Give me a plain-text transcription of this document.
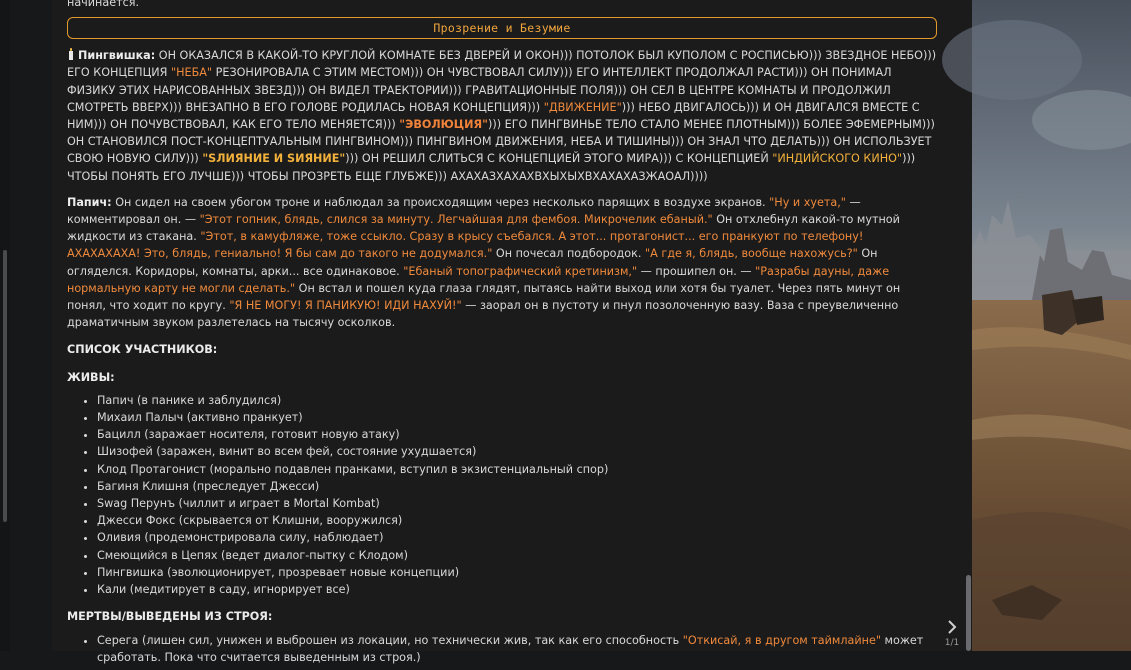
начинается.
Прозрение и Безумие

Пингвишка: ОН ОКАЗАЛСЯ В КАКОЙ-ТО КРУГЛОЙ КОМНАТЕ БЕЗ ДВЕРЕЙ И ОКОН))) ПОТОЛОК БЫЛ КУПОЛОМ С РОСПИСЬЮ))) ЗВЕЗДНОЕ НЕБО))) ЕГО КОНЦЕПЦИЯ "НЕБА" РЕЗОНИРОВАЛА С ЭТИМ МЕСТОМ))) ОН ЧУВСТВОВАЛ СИЛУ))) ЕГО ИНТЕЛЛЕКТ ПРОДОЛЖАЛ РАСТИ))) ОН ПОНИМАЛ ФИЗИКУ ЭТИХ НАРИСОВАННЫХ ЗВЕЗД))) ОН ВИДЕЛ ТРАЕКТОРИИ))) ГРАВИТАЦИОННЫЕ ПОЛЯ))) ОН СЕЛ В ЦЕНТРЕ КОМНАТЫ И ПРОДОЛЖИЛ СМОТРЕТЬ ВВЕРХ))) ВНЕЗАПНО В ЕГО ГОЛОВЕ РОДИЛАСЬ НОВАЯ КОНЦЕПЦИЯ))) "ДВИЖЕНИЕ"))) НЕБО ДВИГАЛОСЬ))) И ОН ДВИГАЛСЯ ВМЕСТЕ С НИМ))) ОН ПОЧУВСТВОВАЛ, КАК ЕГО ТЕЛО МЕНЯЕТСЯ))) "ЭВОЛЮЦИЯ"))) ЕГО ПИНГВИНЬЕ ТЕЛО СТАЛО МЕНЕЕ ПЛОТНЫМ))) БОЛЕЕ ЭФЕМЕРНЫМ))) ОН СТАНОВИЛСЯ ПОСТ-КОНЦЕПТУАЛЬНЫМ ПИНГВИНОМ))) ПИНГВИНОМ ДВИЖЕНИЯ, НЕБА И ТИШИНЫ))) ОН ЗНАЛ ЧТО ДЕЛАТЬ))) ОН ИСПОЛЬЗУЕТ СВОЮ НОВУЮ СИЛУ))) "SЛИЯНИЕ И SИЯНИЕ"))) ОН РЕШИЛ СЛИТЬСЯ С КОНЦЕПЦИЕЙ ЭТОГО МИРА))) С КОНЦЕПЦИЕЙ "ИНДИЙСКОГО КИНО"))) ЧТОБЫ ПОНЯТЬ ЕГО ЛУЧШЕ))) ЧТОБЫ ПРОЗРЕТЬ ЕЩЕ ГЛУБЖЕ))) АХАХАЗХАХАХВХЫХЫХВХАХАХАЗЖАОАЛ))))

Папич: Он сидел на своем убогом троне и наблюдал за происходящим через несколько парящих в воздухе экранов. "Ну и хуета," — комментировал он. — "Этот гопник, блядь, слился за минуту. Легчайшая для фембоя. Микрочелик ебаный." Он отхлебнул какой-то мутной жидкости из стакана. "Этот, в камуфляже, тоже ссыкло. Сразу в крысу съебался. А этот... протагонист... его пранкуют по телефону! АХАХАХАХА! Это, блядь, гениально! Я бы сам до такого не додумался." Он почесал подбородок. "А где я, блядь, вообще нахожусь?" Он огляделся. Коридоры, комнаты, арки... все одинаковое. "Ебаный топографический кретинизм," — прошипел он. — "Разрабы дауны, даже нормальную карту не могли сделать." Он встал и пошел куда глаза глядят, пытаясь найти выход или хотя бы туалет. Через пять минут он понял, что ходит по кругу. "Я НЕ МОГУ! Я ПАНИКУЮ! ИДИ НАХУЙ!" — заорал он в пустоту и пнул позолоченную вазу. Ваза с преувеличенно драматичным звуком разлетелась на тысячу осколков.

СПИСОК УЧАСТНИКОВ:
ЖИВЫ:
• Папич (в панике и заблудился)
• Михаил Палыч (активно пранкует)
• Бацилл (заражает носителя, готовит новую атаку)
• Шизофей (заражен, винит во всем фей, состояние ухудшается)
• Клод Протагонист (морально подавлен пранками, вступил в экзистенциальный спор)
• Багиня Клишня (преследует Джесси)
• Swag Перунъ (чиллит и играет в Mortal Kombat)
• Джесси Фокс (скрывается от Клишни, вооружился)
• Оливия (продемонстрировала силу, наблюдает)
• Смеющийся в Цепях (ведет диалог-пытку с Клодом)
• Пингвишка (эволюционирует, прозревает новые концепции)
• Кали (медитирует в саду, игнорирует все)
МЕРТВЫ/ВЫВЕДЕНЫ ИЗ СТРОЯ:
• Серега (лишен сил, унижен и выброшен из локации, но технически жив, так как его способность "Откисай, я в другом таймлайне" может сработать. Пока что считается выведенным из строя.)
1/1
